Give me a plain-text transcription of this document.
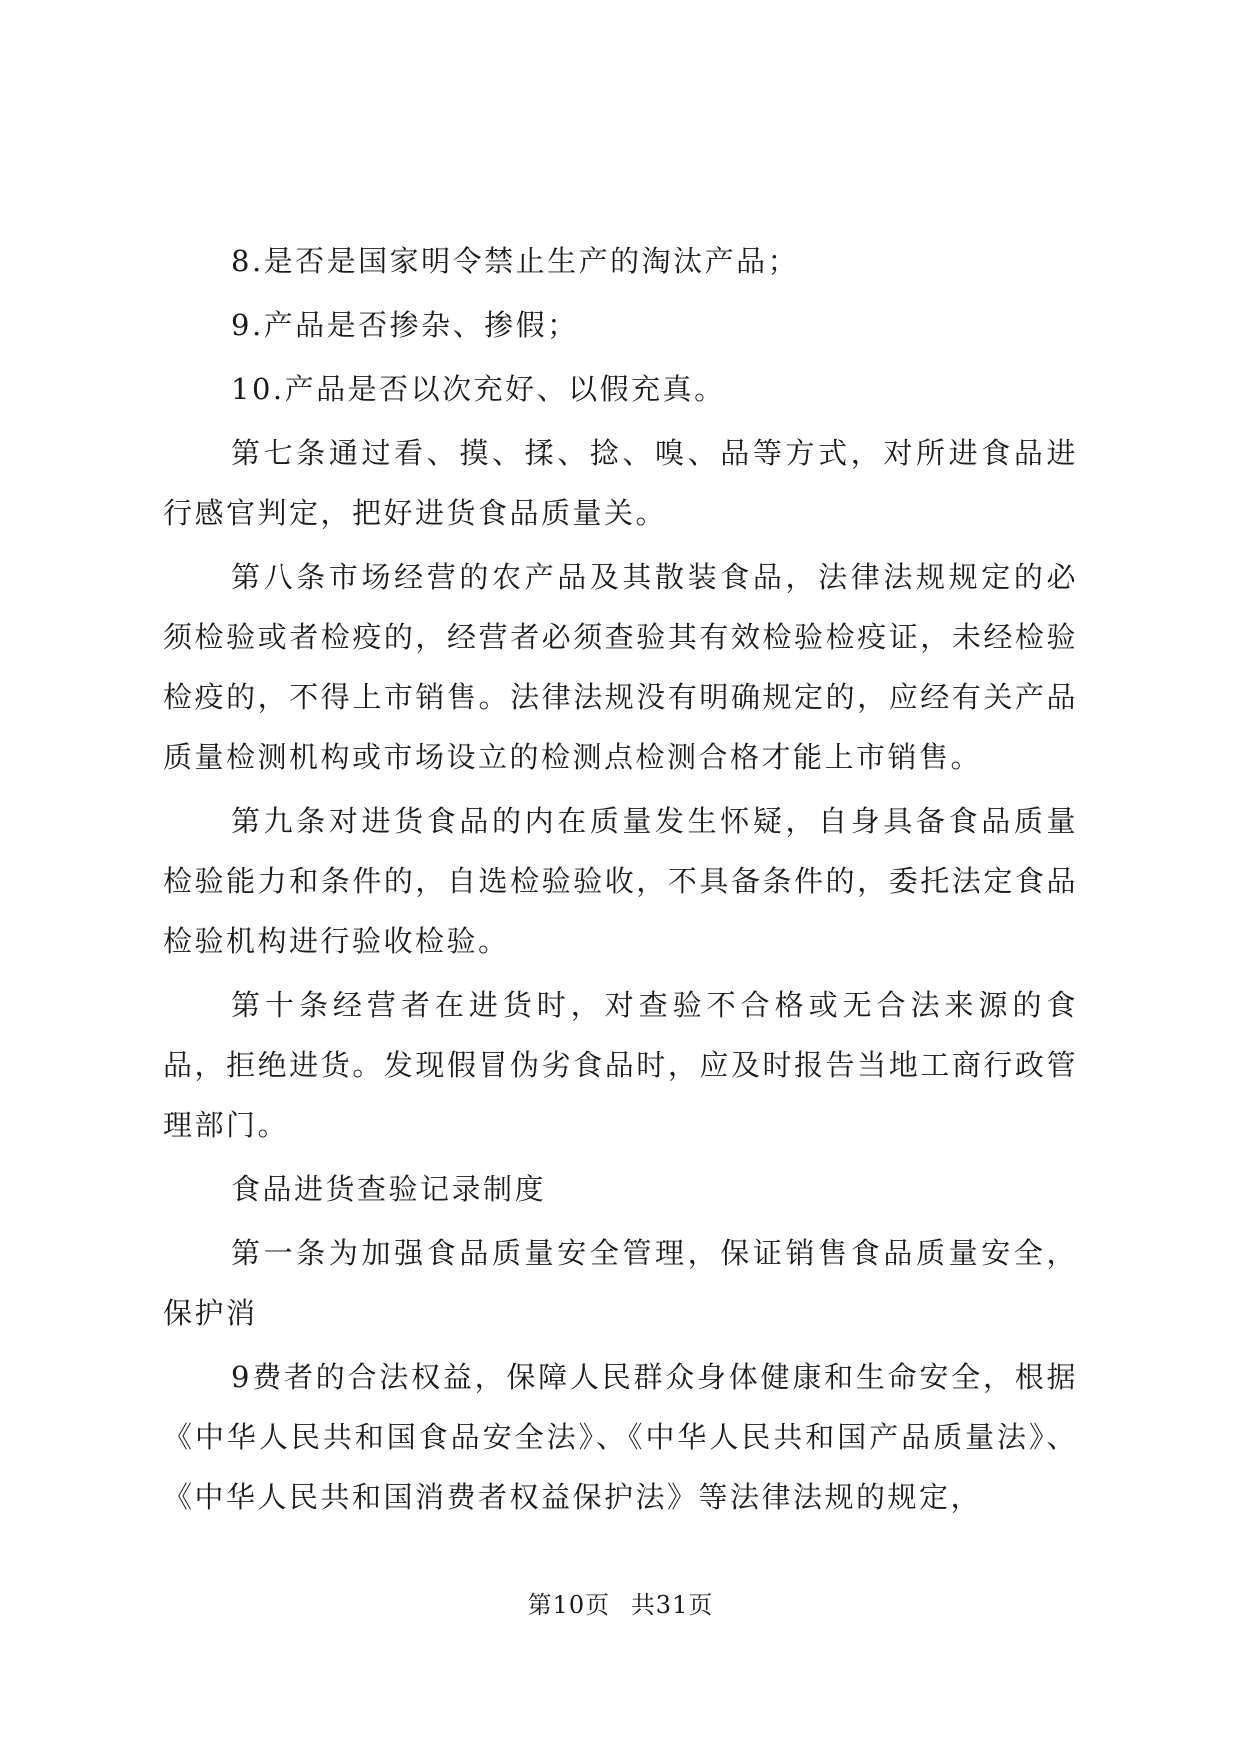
8.是否是国家明令禁止生产的淘汰产品；

9.产品是否掺杂、掺假；

10.产品是否以次充好、以假充真。

第七条通过看、摸、揉、捻、嗅、品等方式，对所进食品进行感官判定，把好进货食品质量关。

第八条市场经营的农产品及其散装食品，法律法规规定的必须检验或者检疫的，经营者必须查验其有效检验检疫证，未经检验检疫的，不得上市销售。法律法规没有明确规定的，应经有关产品质量检测机构或市场设立的检测点检测合格才能上市销售。

第九条对进货食品的内在质量发生怀疑，自身具备食品质量检验能力和条件的，自选检验验收，不具备条件的，委托法定食品检验机构进行验收检验。

第十条经营者在进货时，对查验不合格或无合法来源的食品，拒绝进货。发现假冒伪劣食品时，应及时报告当地工商行政管理部门。

食品进货查验记录制度

第一条为加强食品质量安全管理，保证销售食品质量安全，保护消

9费者的合法权益，保障人民群众身体健康和生命安全，根据《中华人民共和国食品安全法》、《中华人民共和国产品质量法》、《中华人民共和国消费者权益保护法》等法律法规的规定，

第10页 共31页
